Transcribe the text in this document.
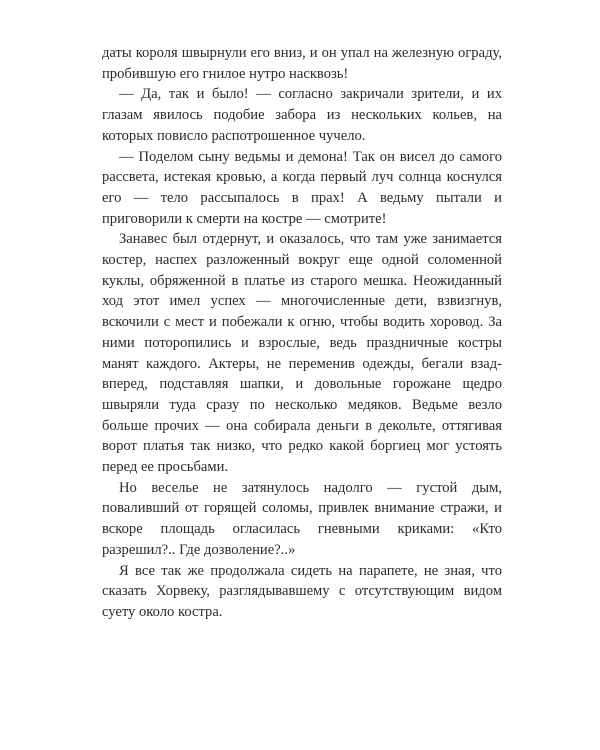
даты короля швырнули его вниз, и он упал на железную ограду, пробившую его гнилое нутро насквозь!

— Да, так и было! — согласно закричали зрители, и их глазам явилось подобие забора из нескольких кольев, на которых повисло распотрошенное чучело.

— Поделом сыну ведьмы и демона! Так он висел до самого рассвета, истекая кровью, а когда первый луч солнца коснулся его — тело рассыпалось в прах! А ведьму пытали и приговорили к смерти на костре — смотрите!

Занавес был отдернут, и оказалось, что там уже занимается костер, наспех разложенный вокруг еще одной соломенной куклы, обряженной в платье из старого мешка. Неожиданный ход этот имел успех — многочисленные дети, взвизгнув, вскочили с мест и побежали к огню, чтобы водить хоровод. За ними поторопились и взрослые, ведь праздничные костры манят каждого. Актеры, не переменив одежды, бегали взад-вперед, подставляя шапки, и довольные горожане щедро швыряли туда сразу по несколько медяков. Ведьме везло больше прочих — она собирала деньги в декольте, оттягивая ворот платья так низко, что редко какой боргиец мог устоять перед ее просьбами.

Но веселье не затянулось надолго — густой дым, поваливший от горящей соломы, привлек внимание стражи, и вскоре площадь огласилась гневными криками: «Кто разрешил?.. Где дозволение?..»

Я все так же продолжала сидеть на парапете, не зная, что сказать Хорвеку, разглядывавшему с отсутствующим видом суету около костра.
